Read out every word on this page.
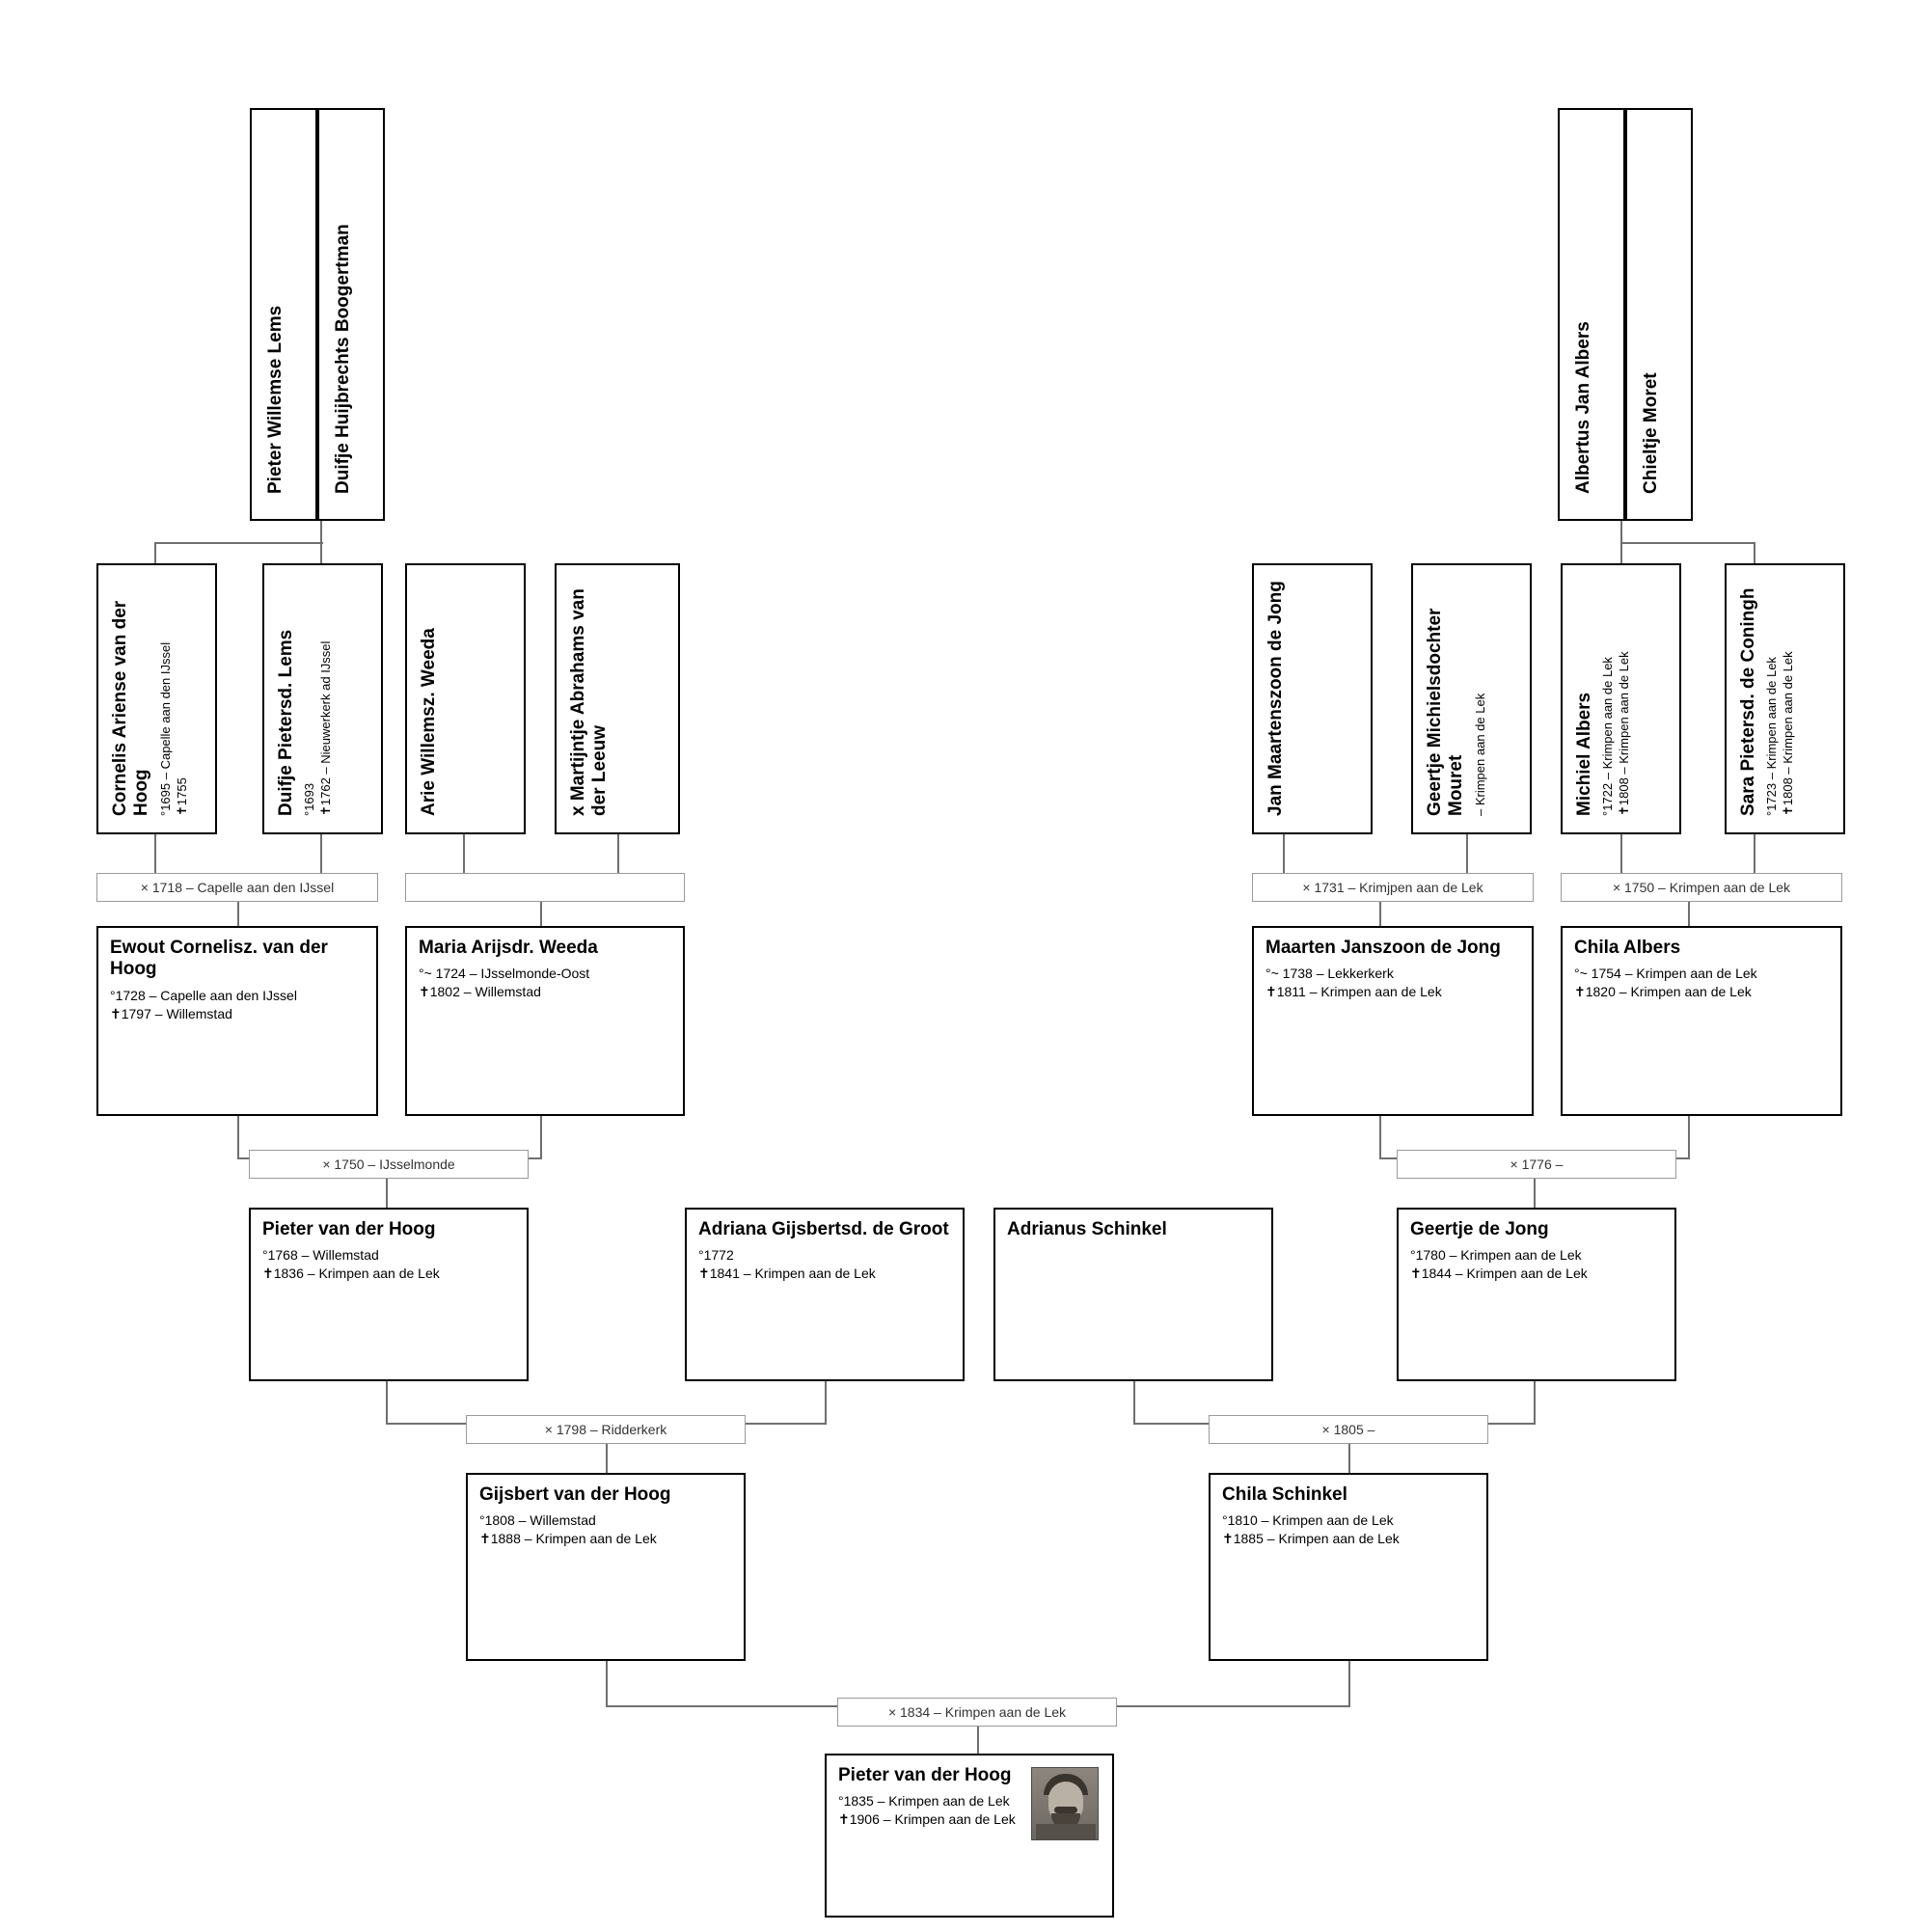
Pieter Willemse Lems	Duifje Huijbrechts Boogertman	Albertus Jan Albers	Chieltje Moret
Cornelis Ariense van der Hoog °1695 – Capelle aan den IJssel ✝1755	Duifje Pietersd. Lems °1693 ✝1762 – Nieuwerkerk ad IJssel	Arie Willemsz. Weeda	x Martijntje Abrahams van der Leeuw	Jan Maartenszoon de Jong	Geertje Michielsdochter Mouret – Krimpen aan de Lek	Michiel Albers °1722 – Krimpen aan de Lek ✝1808 – Krimpen aan de Lek	Sara Pietersd. de Coningh °1723 – Krimpen aan de Lek ✝1808 – Krimpen aan de Lek
× 1718 – Capelle aan den IJssel	× 1731 – Krimjpen aan de Lek	× 1750 – Krimpen aan de Lek
Ewout Cornelisz. van der Hoog
°1728 – Capelle aan den IJssel
✝1797 – Willemstad
Maria Arijsdr. Weeda
°~ 1724 – IJsselmonde-Oost
✝1802 – Willemstad
Maarten Janszoon de Jong
°~ 1738 – Lekkerkerk
✝1811 – Krimpen aan de Lek
Chila Albers
°~ 1754 – Krimpen aan de Lek
✝1820 – Krimpen aan de Lek
× 1750 – IJsselmonde	× 1776 –
Pieter van der Hoog
°1768 – Willemstad
✝1836 – Krimpen aan de Lek
Adriana Gijsbertsd. de Groot
°1772
✝1841 – Krimpen aan de Lek
Adrianus Schinkel	Geertje de Jong
°1780 – Krimpen aan de Lek
✝1844 – Krimpen aan de Lek
× 1798 – Ridderkerk	× 1805 –
Gijsbert van der Hoog
°1808 – Willemstad
✝1888 – Krimpen aan de Lek
Chila Schinkel
°1810 – Krimpen aan de Lek
✝1885 – Krimpen aan de Lek
× 1834 – Krimpen aan de Lek
Pieter van der Hoog
°1835 – Krimpen aan de Lek
✝1906 – Krimpen aan de Lek
